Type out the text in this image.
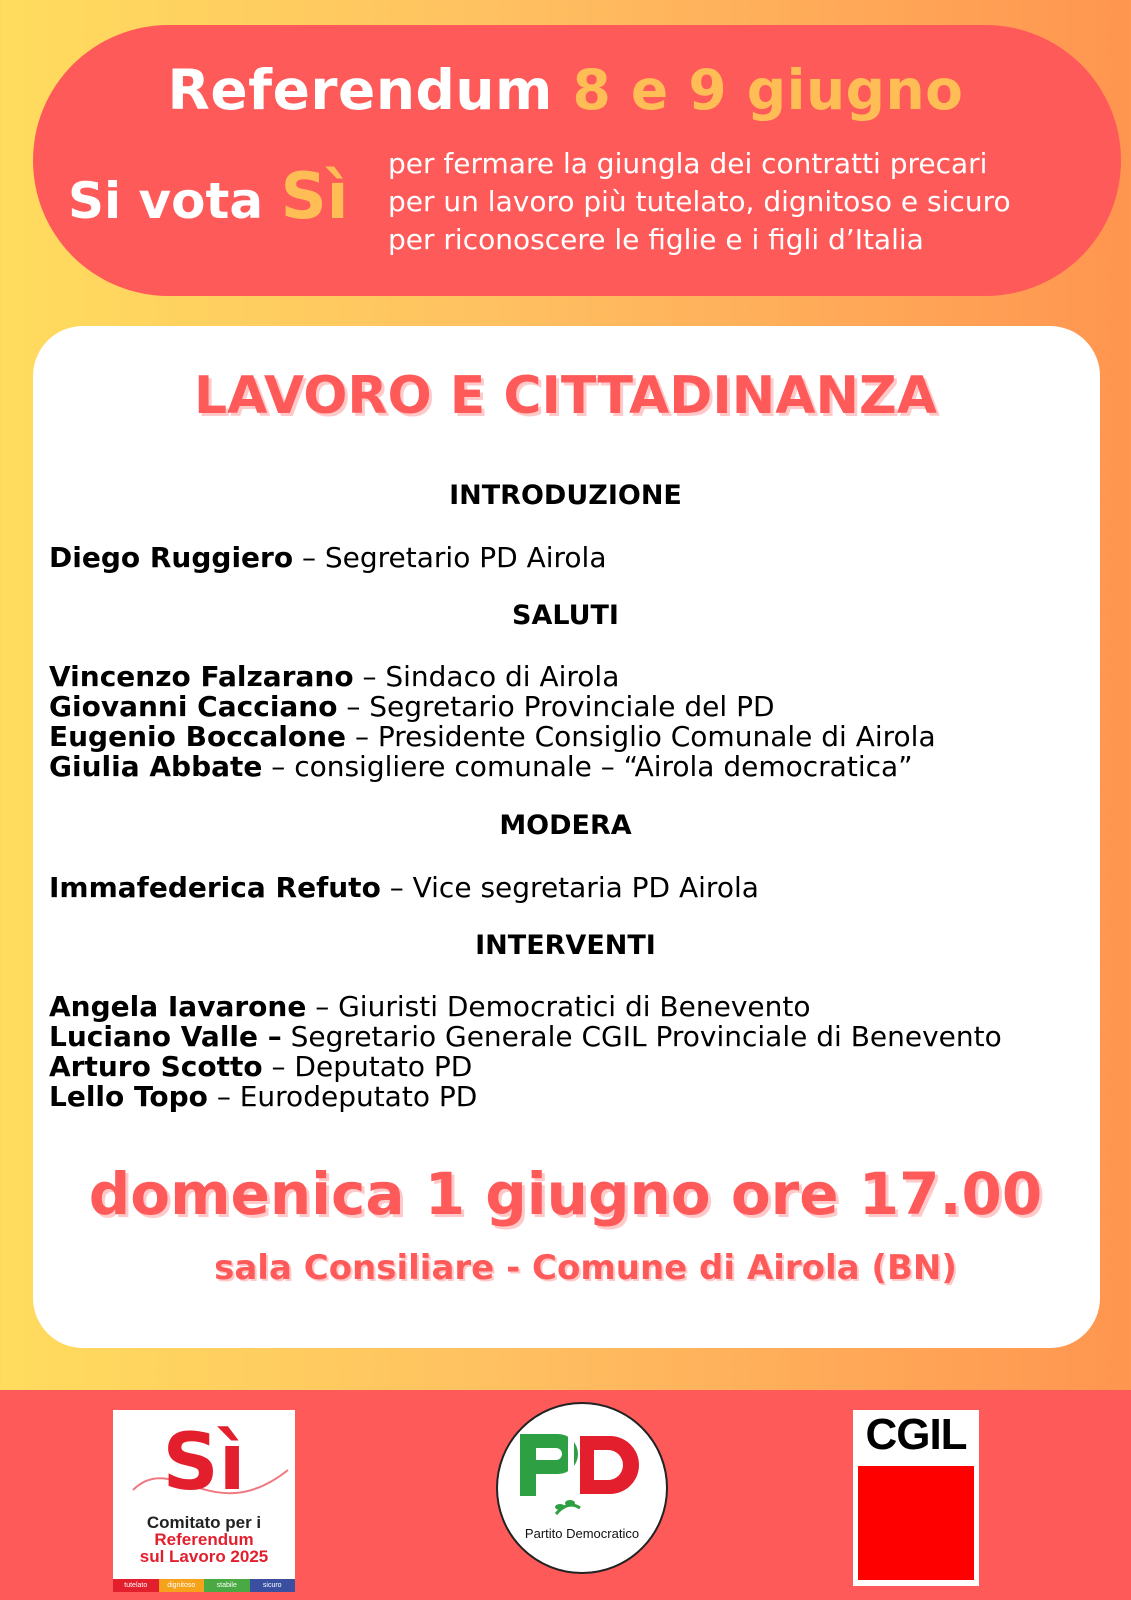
Referendum 8 e 9 giugno
Si vota Sì per fermare la giungla dei contratti precari
per un lavoro più tutelato, dignitoso e sicuro
per riconoscere le figlie e i figli d’Italia
LAVORO E CITTADINANZA
INTRODUZIONE
Diego Ruggiero – Segretario PD Airola
SALUTI
Vincenzo Falzarano – Sindaco di Airola
Giovanni Cacciano – Segretario Provinciale del PD
Eugenio Boccalone – Presidente Consiglio Comunale di Airola
Giulia Abbate – consigliere comunale – “Airola democratica”
MODERA
Immafederica Refuto – Vice segretaria PD Airola
INTERVENTI
Angela Iavarone – Giuristi Democratici di Benevento
Luciano Valle – Segretario Generale CGIL Provinciale di Benevento
Arturo Scotto – Deputato PD
Lello Topo – Eurodeputato PD
domenica 1 giugno ore 17.00
sala Consiliare - Comune di Airola (BN)
Sì
Comitato per i
Referendum
sul Lavoro 2025
tutelato	dignitoso	stabile	sicuro
Partito Democratico
CGIL
